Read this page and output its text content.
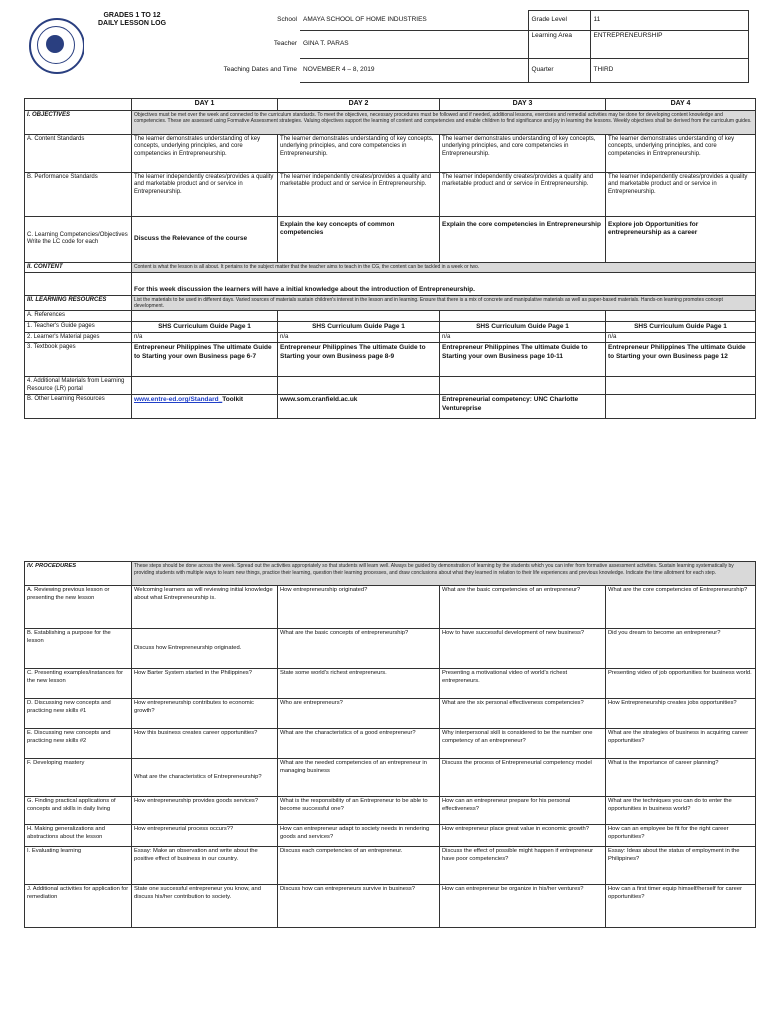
	GRADES 1 TO 12
DAILY LESSON LOG	School	AMAYA SCHOOL OF HOME INDUSTRIES	Grade Level	11
		Teacher	GINA T. PARAS	Learning Area	ENTREPRENEURSHIP
		Teaching Dates and Time	NOVEMBER 4 – 8, 2019	Quarter	THIRD
	DAY 1	DAY 2	DAY 3	DAY 4
I. OBJECTIVES	Objectives must be met over the week and connected to the curriculum standards. To meet the objectives, necessary procedures must be followed and if needed, additional lessons, exercises and remedial activities may be done for developing content knowledge and competencies. These are assessed using Formative Assessment strategies. Valuing objectives support the learning of content and competencies and enable children to find significance and joy in learning the lessons. Weekly objectives shall be derived from the curriculum guides.			
A. Content Standards	The learner demonstrates understanding of key concepts, underlying principles, and core competencies in Entrepreneurship.	The learner demonstrates understanding of key concepts, underlying principles, and core competencies in Entrepreneurship.	The learner demonstrates understanding of key concepts, underlying principles, and core competencies in Entrepreneurship.	The learner demonstrates understanding of key concepts, underlying principles, and core competencies in Entrepreneurship.
B. Performance Standards	The learner independently creates/provides a quality and marketable product and or service in Entrepreneurship.	The learner independently creates/provides a quality and marketable product and or service in Entrepreneurship.	The learner independently creates/provides a quality and marketable product and or service in Entrepreneurship.	The learner independently creates/provides a quality and marketable product and or service in Entrepreneurship.
C. Learning Competencies/Objectives Write the LC code for each	Discuss the Relevance of the course	Explain the key concepts of common competencies	Explain the core competencies in Entrepreneurship	Explore job Opportunities for entrepreneurship as a career
II. CONTENT	Content is what the lesson is all about. It pertains to the subject matter that the teacher aims to teach in the CG, the content can be tackled in a week or two.			
	For this week discussion the learners will have a initial knowledge about the introduction of Entrepreneurship.			
III. LEARNING RESOURCES	List the materials to be used in different days. Varied sources of materials sustain children's interest in the lesson and in learning. Ensure that there is a mix of concrete and manipulative materials as well as paper-based materials. Hands-on learning promotes concept development.			
A. References				
1. Teacher's Guide pages	SHS Curriculum Guide Page 1	SHS Curriculum Guide Page 1	SHS Curriculum Guide Page 1	SHS Curriculum Guide Page 1
2. Learner's Material pages	n/a	n/a	n/a	n/a
3. Textbook pages	Entrepreneur Philippines The ultimate Guide to Starting your own Business page 6-7	Entrepreneur Philippines The ultimate Guide to Starting your own Business page 8-9	Entrepreneur Philippines The ultimate Guide to Starting your own Business page 10-11	Entrepreneur Philippines The ultimate Guide to Starting your own Business page 12
4. Additional Materials from Learning Resource (LR) portal				
B. Other Learning Resources	www.entre-ed.org/Standard_Toolkit	www.som.cranfield.ac.uk	Entrepreneurial competency: UNC Charlotte Ventureprise	
IV. PROCEDURES	These steps should be done across the week. Spread out the activities appropriately so that students will learn well. Always be guided by demonstration of learning by the students which you can infer from formative assessment activities. Sustain learning systematically by providing students with multiple ways to learn new things, practice their learning, question their learning processes, and draw conclusions about what they learned in relation to their life experiences and previous knowledge. Indicate the time allotment for each step.			
A. Reviewing previous lesson or presenting the new lesson	Welcoming learners as will reviewing initial knowledge about what Entrepreneurship is.	How entrepreneurship originated?	What are the basic competencies of an entrepreneur?	What are the core competencies of Entrepreneurship?
B. Establishing a purpose for the lesson	Discuss how Entrepreneurship originated.	What are the basic concepts of entrepreneurship?	How to have successful development of new business?	Did you dream to become an entrepreneur?
C. Presenting examples/instances for the new lesson	How Barter System started in the Philippines?	State some world's richest entrepreneurs.	Presenting a motivational video of world's richest entrepreneurs.	Presenting video of job opportunities for business world.
D. Discussing new concepts and practicing new skills #1	How entrepreneurship contributes to economic growth?	Who are entrepreneurs?	What are the six personal effectiveness competencies?	How Entrepreneurship creates jobs opportunities?
E. Discussing new concepts and practicing new skills #2	How this business creates career opportunities?	What are the characteristics of a good entrepreneur?	Why interpersonal skill is considered to be the number one competency of an entrepreneur?	What are the strategies of business in acquiring career opportunities?
F. Developing mastery	What are the characteristics of Entrepreneurship?	What are the needed competencies of an entrepreneur in managing business	Discuss the process of Entrepreneurial competency model	What is the importance of career planning?
G. Finding practical applications of concepts and skills in daily living	How entrepreneurship provides goods services?	What is the responsibility of an Entrepreneur to be able to become successful one?	How can an entrepreneur prepare for his personal effectiveness?	What are the techniques you can do to enter the opportunities in business world?
H. Making generalizations and abstractions about the lesson	How entrepreneurial process occurs??	How can entrepreneur adapt to society needs in rendering goods and services?	How entrepreneur place great value in economic growth?	How can an employee be fit for the right career opportunities?
I. Evaluating learning	Essay: Make an observation and write about the positive effect of business in our country.	Discuss each competencies of an entrepreneur.	Discuss the effect of possible might happen if entrepreneur have poor competencies?	Essay: Ideas about the status of employment in the Philippines?
J. Additional activities for application for remediation	State one successful entrepreneur you know, and discuss his/her contribution to society.	Discuss how can entrepreneurs survive in business?	How can entrepreneur be organize in his/her ventures?	How can a first timer equip himself/herself for career opportunities?
